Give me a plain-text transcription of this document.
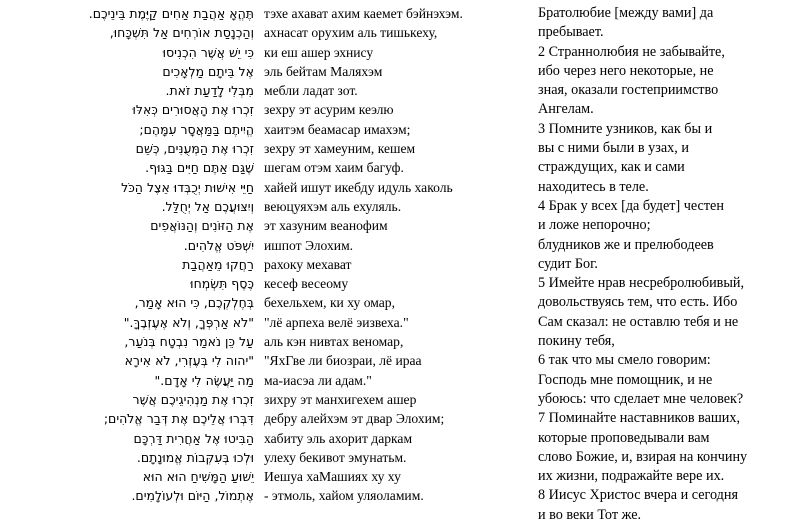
תֶּהֱאָ אַהֲבַת אַחִים קַיֶּמֶת בֵּינֵיכֶם. тэхе ахават ахим каемет бэйнэхэм.
וְהַכְנָסַת אוֹרְחִים אַל תִּשְׁכָּחוּ, ахнасат орухим аль тишькеху,
כִּי יֵשׁ אֲשֶׁר הִכְנִיסוּ ки еш ашер эхнису
אֶל בֵּיתָם מַלְאָכִים эль бейтам Маляхэм
מִבְּלִי לָדַעַת זֹאת. мебли ладат зот.
זִכְרוּ אֶת הָאֲסוּרִים כְּאִלּוּ зехру эт асурим кеэлю
הֱיִיתֶם בַּמַּאֲסָר עִמָּהֶם; хаитэм беамасар имахэм;
זִכְרוּ אֶת הַמְּעֻנִּים, כְּשֵׁם зехру эт хамеуним, кешем
שֶׁגַּם אַתֶּם חַיִּים בַּגּוּף. шегам отэм хаим багуф.
חַיֵּי אִישׁוּת יְכֻבְּדוּ אֵצֶל הַכֹּל хайей ишут икебду идуль хаколь
וְיִצּוּעֲכֶם אַל יְחֻלַּל. веюцуяхэм аль ехуляль.
אֶת הַזּוֹנִים וְהַנּוֹאֲפִים эт хазуним веанофим
יִשְׁפֹּט אֱלֹהִים. ишпот Элохим.
רַחֲקוּ מֵאַהֲבַת рахоку мехават
כֶּסֶף תִּשְׂמְחוּ кесеф весеому
בְּחֶלְקְכֶם, כִּי הוּא אָמַר, бехельхем, ки ху омар,
"לֹא אַרְפְּךָ, וְלֹא אֶעֶזְבֶךָּ." "лё арпеха велё эизвеха."
עַל כֵּן נֹאמַר נִבְטָח בְּנֹעַר, аль кэн нивтах веномар,
"יהוה לִי בְּעֶזְרִי, לֹא אִירָא "ЯхГве ли биозраи, лё ираа
מַה יַּעֲשֶׂה לִי אָדָם." ма-иасэа ли адам."
זִכְרוּ אֶת מַנְהִיגֵיכֶם אֲשֶׁר зихру эт манхигехем ашер
דִּבְּרוּ אֲלֵיכֶם אֶת דְּבַר אֱלֹהִים; дебру алейхэм эт двар Элохим;
הַבִּיטוּ אֶל אַחֲרִית דַּרְכָּם хабиту эль ахорит даркам
וּלְכוּ בְּעִקְּבוֹת אֱמוּנָתָם. улеху бекивот эмунатьм.
יֵשׁוּעַ הַמָּשִׁיחַ הוּא הוּא Иешуа хаМашиях ху ху
אֶתְמוֹל, הַיּוֹם וּלְעוֹלָמִים. - этмоль, хайом уляоламим.

Братолюбие [между вами] да

пребывает.

2 Страннолюбия не забывайте,

ибо через него некоторые, не

зная, оказали гостеприимство

Ангелам.

3 Помните узников, как бы и

вы с ними были в узах, и

страждущих, как и сами

находитесь в теле.

4 Брак у всех [да будет] честен

и ложе непорочно;

блудников же и прелюбодеев

судит Бог.

5 Имейте нрав несребролюбивый,

довольствуясь тем, что есть. Ибо

Сам сказал: не оставлю тебя и не

покину тебя,

6 так что мы смело говорим:

Господь мне помощник, и не

убоюсь: что сделает мне человек?

7 Поминайте наставников ваших,

которые проповедывали вам

слово Божие, и, взирая на кончину

их жизни, подражайте вере их.

8 Иисус Христос вчера и сегодня

и во веки Тот же.
